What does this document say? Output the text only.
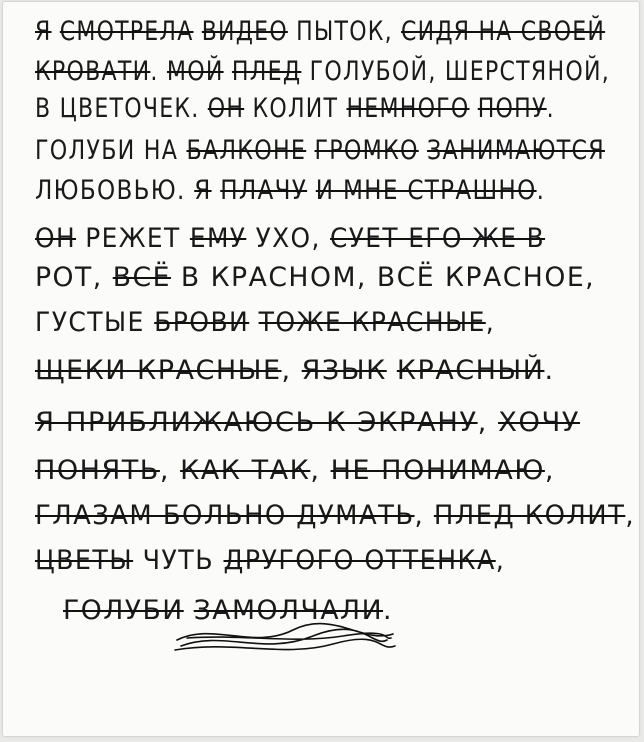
Я СМОТРЕЛА ВИДЕО ПЫТОК, СИДЯ НА СВОЕЙ
КРОВАТИ. МОЙ ПЛЕД ГОЛУБОЙ, ШЕРСТЯНОЙ,
В ЦВЕТОЧЕК. ОН КОЛИТ НЕМНОГО ПОПУ.
ГОЛУБИ НА БАЛКОНЕ ГРОМКО ЗАНИМАЮТСЯ
ЛЮБОВЬЮ. Я ПЛАЧУ И МНЕ СТРАШНО.
ОН РЕЖЕТ ЕМУ УХО, СУЕТ ЕГО ЖЕ В
РОТ, ВСЁ В КРАСНОМ, ВСЁ КРАСНОЕ,
ГУСТЫЕ БРОВИ ТОЖЕ КРАСНЫЕ,
ЩЕКИ КРАСНЫЕ, ЯЗЫК КРАСНЫЙ.
Я ПРИБЛИЖАЮСЬ К ЭКРАНУ, ХОЧУ
ПОНЯТЬ, КАК ТАК, НЕ ПОНИМАЮ,
ГЛАЗАМ БОЛЬНО ДУМАТЬ, ПЛЕД КОЛИТ,
ЦВЕТЫ ЧУТЬ ДРУГОГО ОТТЕНКА,
ГОЛУБИ ЗАМОЛЧАЛИ.
